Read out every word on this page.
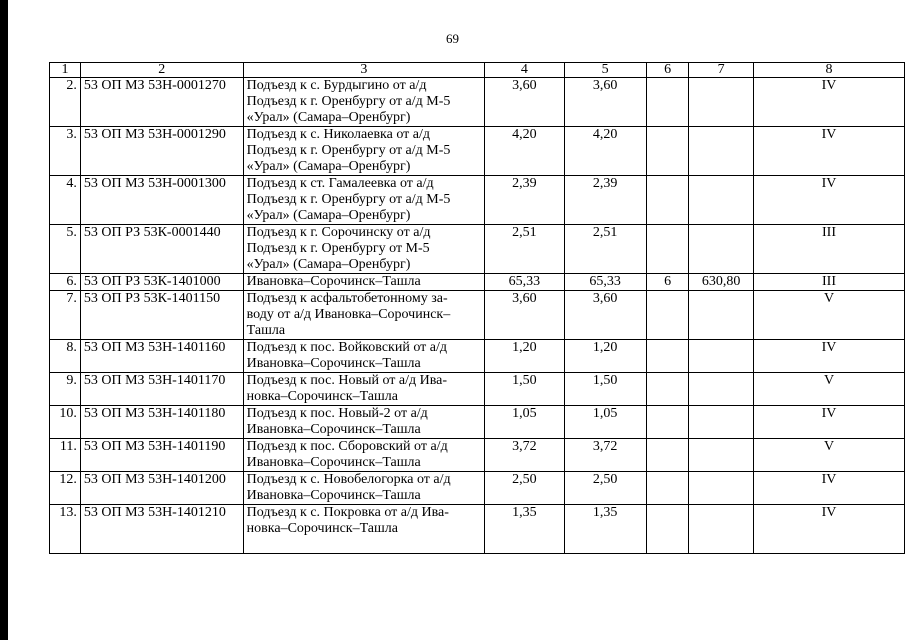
69
1	2	3	4	5	6	7	8
2.	53 ОП МЗ 53Н-0001270	Подъезд к с. Бурдыгино от а/д
Подъезд к г. Оренбургу от а/д М-5
«Урал» (Самара–Оренбург)	3,60	3,60			IV
3.	53 ОП МЗ 53Н-0001290	Подъезд к с. Николаевка от а/д
Подъезд к г. Оренбургу от а/д М-5
«Урал» (Самара–Оренбург)	4,20	4,20			IV
4.	53 ОП МЗ 53Н-0001300	Подъезд к ст. Гамалеевка от а/д
Подъезд к г. Оренбургу от а/д М-5
«Урал» (Самара–Оренбург)	2,39	2,39			IV
5.	53 ОП РЗ 53К-0001440	Подъезд к г. Сорочинску от а/д
Подъезд к г. Оренбургу от М-5
«Урал» (Самара–Оренбург)	2,51	2,51			III
6.	53 ОП РЗ 53К-1401000	Ивановка–Сорочинск–Ташла	65,33	65,33	6	630,80	III
7.	53 ОП РЗ 53К-1401150	Подъезд к асфальтобетонному за-
воду от а/д Ивановка–Сорочинск–
Ташла	3,60	3,60			V
8.	53 ОП МЗ 53Н-1401160	Подъезд к пос. Войковский от а/д
Ивановка–Сорочинск–Ташла	1,20	1,20			IV
9.	53 ОП МЗ 53Н-1401170	Подъезд к пос. Новый от а/д Ива-
новка–Сорочинск–Ташла	1,50	1,50			V
10.	53 ОП МЗ 53Н-1401180	Подъезд к пос. Новый-2 от а/д
Ивановка–Сорочинск–Ташла	1,05	1,05			IV
11.	53 ОП МЗ 53Н-1401190	Подъезд к пос. Сборовский от а/д
Ивановка–Сорочинск–Ташла	3,72	3,72			V
12.	53 ОП МЗ 53Н-1401200	Подъезд к с. Новобелогорка от а/д
Ивановка–Сорочинск–Ташла	2,50	2,50			IV
13.	53 ОП МЗ 53Н-1401210	Подъезд к с. Покровка от а/д Ива-
новка–Сорочинск–Ташла	1,35	1,35			IV
